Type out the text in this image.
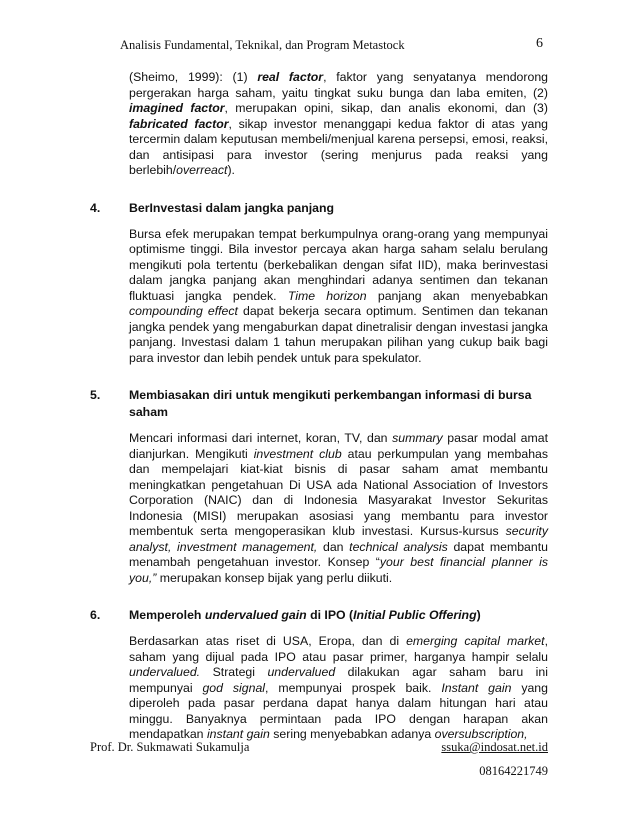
Analisis Fundamental, Teknikal, dan Program Metastock	6

(Sheimo, 1999): (1) real factor, faktor yang senyatanya mendorong pergerakan harga saham, yaitu tingkat suku bunga dan laba emiten, (2) imagined factor, merupakan opini, sikap, dan analis ekonomi, dan (3) fabricated factor, sikap investor menanggapi kedua faktor di atas yang tercermin dalam keputusan membeli/menjual karena persepsi, emosi, reaksi, dan antisipasi para investor (sering menjurus pada reaksi yang berlebih/overreact).

4.	BerInvestasi dalam jangka panjang

Bursa efek merupakan tempat berkumpulnya orang-orang yang mempunyai optimisme tinggi. Bila investor percaya akan harga saham selalu berulang mengikuti pola tertentu (berkebalikan dengan sifat IID), maka berinvestasi dalam jangka panjang akan menghindari adanya sentimen dan tekanan fluktuasi jangka pendek. Time horizon panjang akan menyebabkan compounding effect dapat bekerja secara optimum. Sentimen dan tekanan jangka pendek yang mengaburkan dapat dinetralisir dengan investasi jangka panjang. Investasi dalam 1 tahun merupakan pilihan yang cukup baik bagi para investor dan lebih pendek untuk para spekulator.

5.	Membiasakan diri untuk mengikuti perkembangan informasi di bursa saham

Mencari informasi dari internet, koran, TV, dan summary pasar modal amat dianjurkan. Mengikuti investment club atau perkumpulan yang membahas dan mempelajari kiat-kiat bisnis di pasar saham amat membantu meningkatkan pengetahuan Di USA ada National Association of Investors Corporation (NAIC) dan di Indonesia Masyarakat Investor Sekuritas Indonesia (MISI) merupakan asosiasi yang membantu para investor membentuk serta mengoperasikan klub investasi. Kursus-kursus security analyst, investment management, dan technical analysis dapat membantu menambah pengetahuan investor. Konsep “your best financial planner is you,” merupakan konsep bijak yang perlu diikuti.

6.	Memperoleh undervalued gain di IPO (Initial Public Offering)

Berdasarkan atas riset di USA, Eropa, dan di emerging capital market, saham yang dijual pada IPO atau pasar primer, harganya hampir selalu undervalued. Strategi undervalued dilakukan agar saham baru ini mempunyai god signal, mempunyai prospek baik. Instant gain yang diperoleh pada pasar perdana dapat hanya dalam hitungan hari atau minggu. Banyaknya permintaan pada IPO dengan harapan akan mendapatkan instant gain sering menyebabkan adanya oversubscription,

Prof. Dr. Sukmawati Sukamulja	ssuka@indosat.net.id
08164221749
